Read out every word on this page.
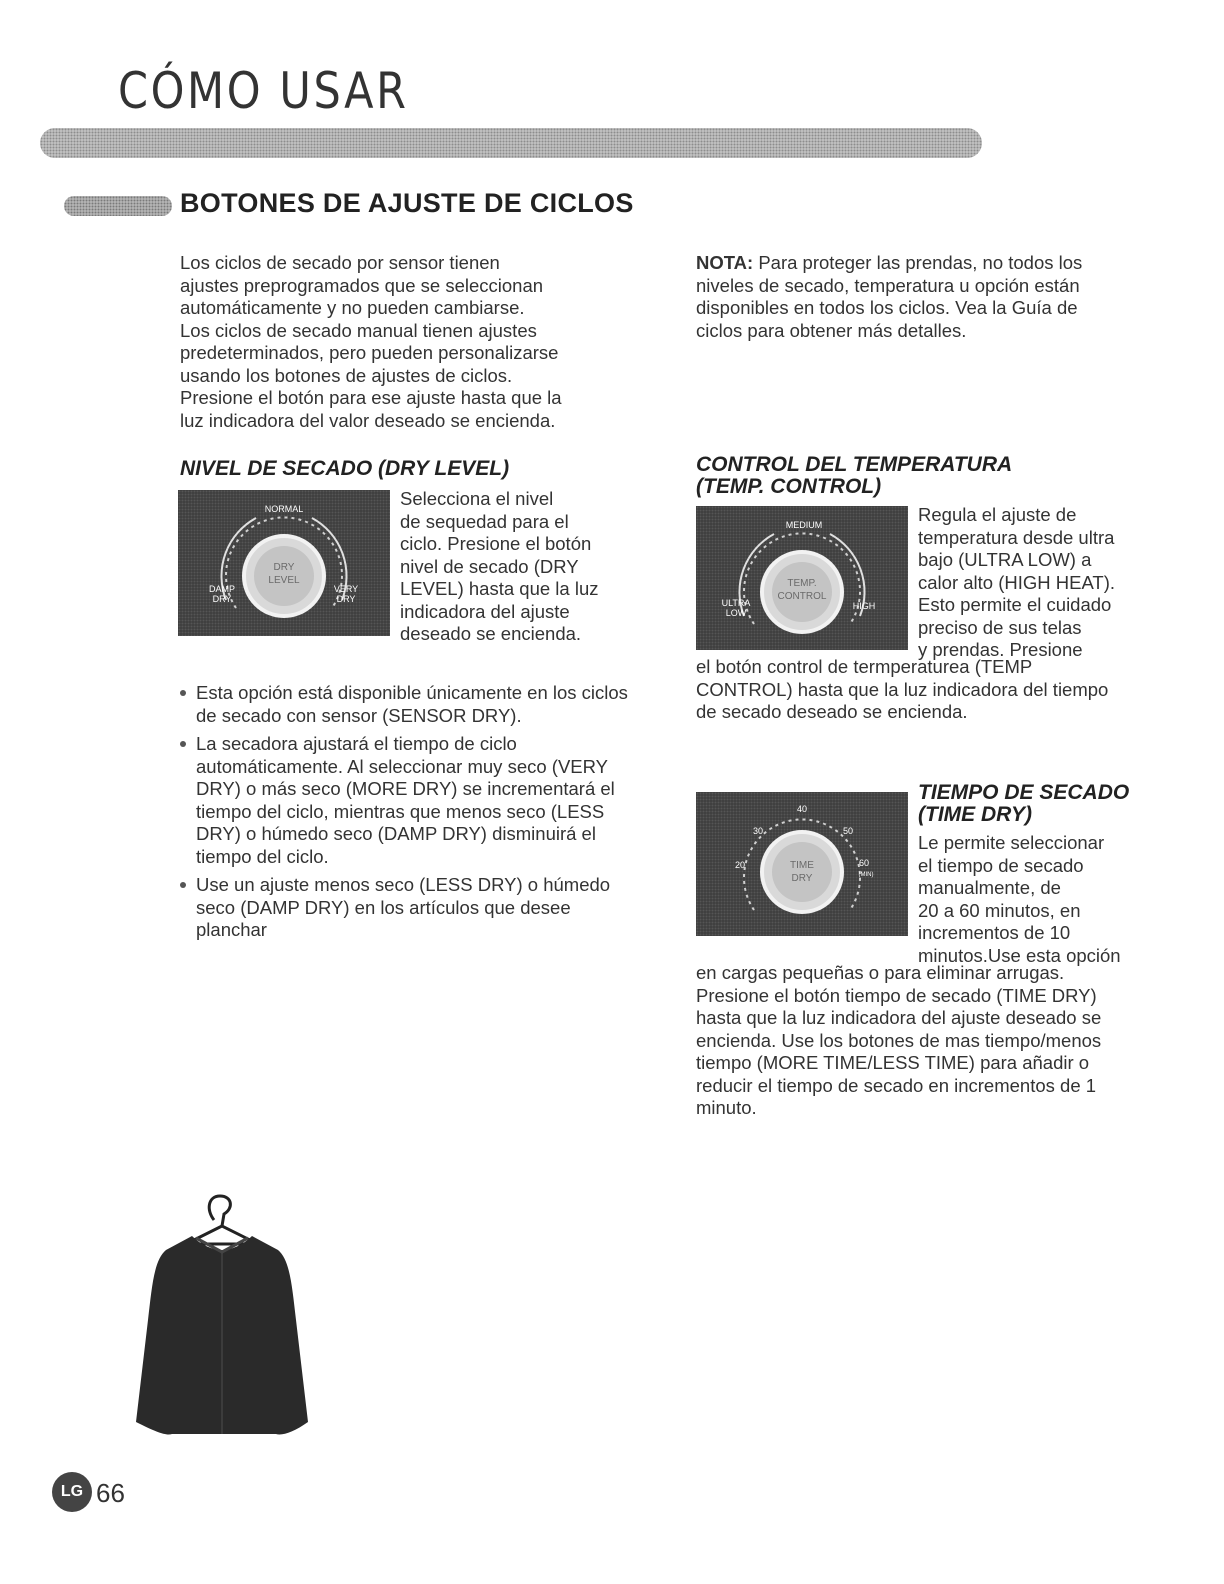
CÓMO USAR
BOTONES DE AJUSTE DE CICLOS
Los ciclos de secado por sensor tienen
ajustes preprogramados que se seleccionan
automáticamente y no pueden cambiarse.
Los ciclos de secado manual tienen ajustes
predeterminados, pero pueden personalizarse
usando los botones de ajustes de ciclos.
Presione el botón para ese ajuste hasta que la
luz indicadora del valor deseado se encienda.
NOTA: Para proteger las prendas, no todos los
niveles de secado, temperatura u opción están
disponibles en todos los ciclos. Vea la Guía de
ciclos para obtener más detalles.
NIVEL DE SECADO (DRY LEVEL)
NORMAL
DRY
LEVEL
DAMP
DRY
VERY
DRY
Selecciona el nivel
de sequedad para el
ciclo. Presione el botón
nivel de secado (DRY
LEVEL) hasta que la luz
indicadora del ajuste
deseado se encienda.
Esta opción está disponible únicamente en los ciclos de secado con sensor (SENSOR DRY).
La secadora ajustará el tiempo de ciclo automáticamente. Al seleccionar muy seco (VERY DRY) o más seco (MORE DRY) se incrementará el tiempo del ciclo, mientras que menos seco (LESS DRY) o húmedo seco (DAMP DRY) disminuirá el tiempo del ciclo.
Use un ajuste menos seco (LESS DRY) o húmedo seco (DAMP DRY) en los artículos que desee planchar
CONTROL DEL TEMPERATURA
(TEMP. CONTROL)
MEDIUM
TEMP.
CONTROL
ULTRA
LOW
HIGH
Regula el ajuste de
temperatura desde ultra
bajo (ULTRA LOW) a
calor alto (HIGH HEAT).
Esto permite el cuidado
preciso de sus telas
y prendas. Presione
el botón control de termperaturea (TEMP
CONTROL) hasta que la luz indicadora del tiempo
de secado deseado se encienda.
TIEMPO DE SECADO
(TIME DRY)
40
30	50
20	60
(MIN)
TIME
DRY
Le permite seleccionar
el tiempo de secado
manualmente, de
20 a 60 minutos, en
incrementos de 10
minutos.Use esta opción
en cargas pequeñas o para eliminar arrugas.
Presione el botón tiempo de secado (TIME DRY)
hasta que la luz indicadora del ajuste deseado se
encienda. Use los botones de mas tiempo/menos
tiempo (MORE TIME/LESS TIME) para añadir o
reducir el tiempo de secado en incrementos de 1
minuto.
LG 66
